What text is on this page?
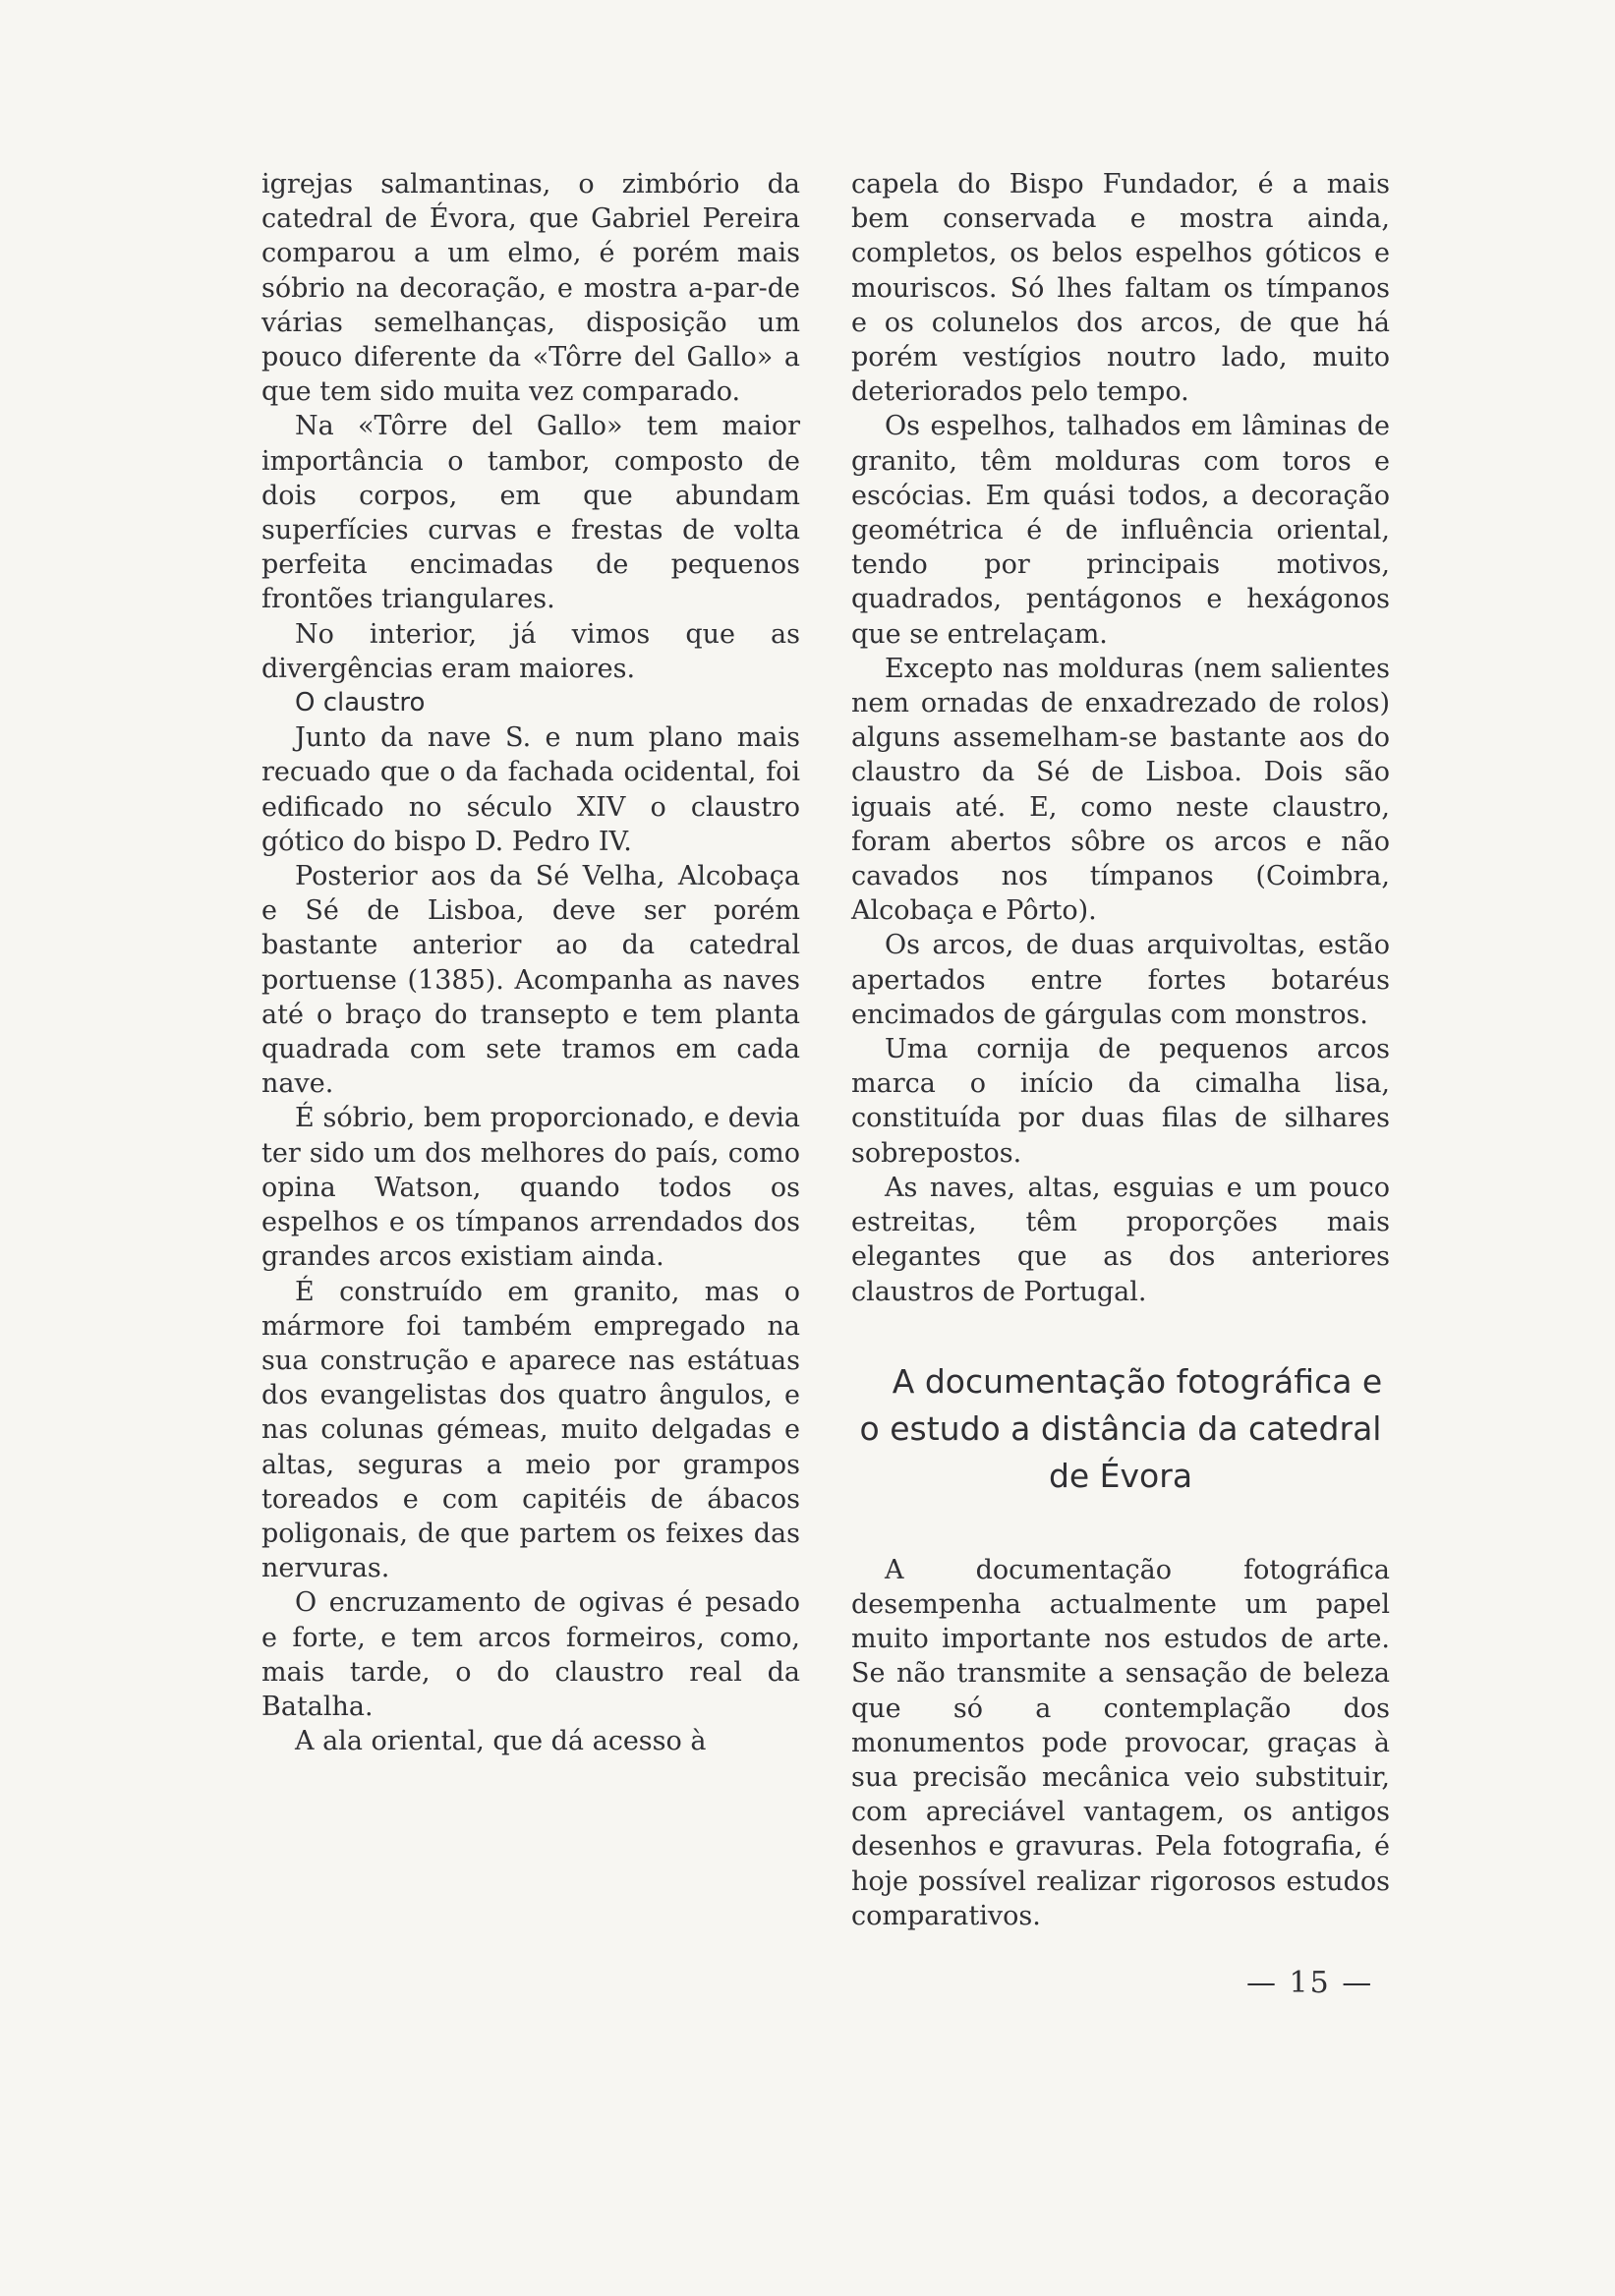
igrejas salmantinas, o zimbório da catedral de Évora, que Gabriel Pereira comparou a um elmo, é porém mais sóbrio na decoração, e mostra a-par-de várias semelhanças, disposição um pouco diferente da «Tôrre del Gallo» a que tem sido muita vez comparado.

Na «Tôrre del Gallo» tem maior importância o tambor, composto de dois corpos, em que abundam superfícies curvas e frestas de volta perfeita encimadas de pequenos frontões triangulares.

No interior, já vimos que as divergências eram maiores.

O claustro

Junto da nave S. e num plano mais recuado que o da fachada ocidental, foi edificado no século XIV o claustro gótico do bispo D. Pedro IV.

Posterior aos da Sé Velha, Alcobaça e Sé de Lisboa, deve ser porém bastante anterior ao da catedral portuense (1385). Acompanha as naves até o braço do transepto e tem planta quadrada com sete tramos em cada nave.

É sóbrio, bem proporcionado, e devia ter sido um dos melhores do país, como opina Watson, quando todos os espelhos e os tímpanos arrendados dos grandes arcos existiam ainda.

É construído em granito, mas o mármore foi também empregado na sua construção e aparece nas estátuas dos evangelistas dos quatro ângulos, e nas colunas gémeas, muito delgadas e altas, seguras a meio por grampos toreados e com capitéis de ábacos poligonais, de que partem os feixes das nervuras.

O encruzamento de ogivas é pesado e forte, e tem arcos formeiros, como, mais tarde, o do claustro real da Batalha.

A ala oriental, que dá acesso à

capela do Bispo Fundador, é a mais bem conservada e mostra ainda, completos, os belos espelhos góticos e mouriscos. Só lhes faltam os tímpanos e os colunelos dos arcos, de que há porém vestígios noutro lado, muito deteriorados pelo tempo.

Os espelhos, talhados em lâminas de granito, têm molduras com toros e escócias. Em quási todos, a decoração geométrica é de influência oriental, tendo por principais motivos, quadrados, pentágonos e hexágonos que se entrelaçam.

Excepto nas molduras (nem salientes nem ornadas de enxadrezado de rolos) alguns assemelham-se bastante aos do claustro da Sé de Lisboa. Dois são iguais até. E, como neste claustro, foram abertos sôbre os arcos e não cavados nos tímpanos (Coimbra, Alcobaça e Pôrto).

Os arcos, de duas arquivoltas, estão apertados entre fortes botaréus encimados de gárgulas com monstros.

Uma cornija de pequenos arcos marca o início da cimalha lisa, constituída por duas filas de silhares sobrepostos.

As naves, altas, esguias e um pouco estreitas, têm proporções mais elegantes que as dos anteriores claustros de Portugal.

A documentação fotográfica e o estudo a distância da catedral de Évora

A documentação fotográfica desempenha actualmente um papel muito importante nos estudos de arte. Se não transmite a sensação de beleza que só a contemplação dos monumentos pode provocar, graças à sua precisão mecânica veio substituir, com apreciável vantagem, os antigos desenhos e gravuras. Pela fotografia, é hoje possível realizar rigorosos estudos comparativos.

— 15 —
